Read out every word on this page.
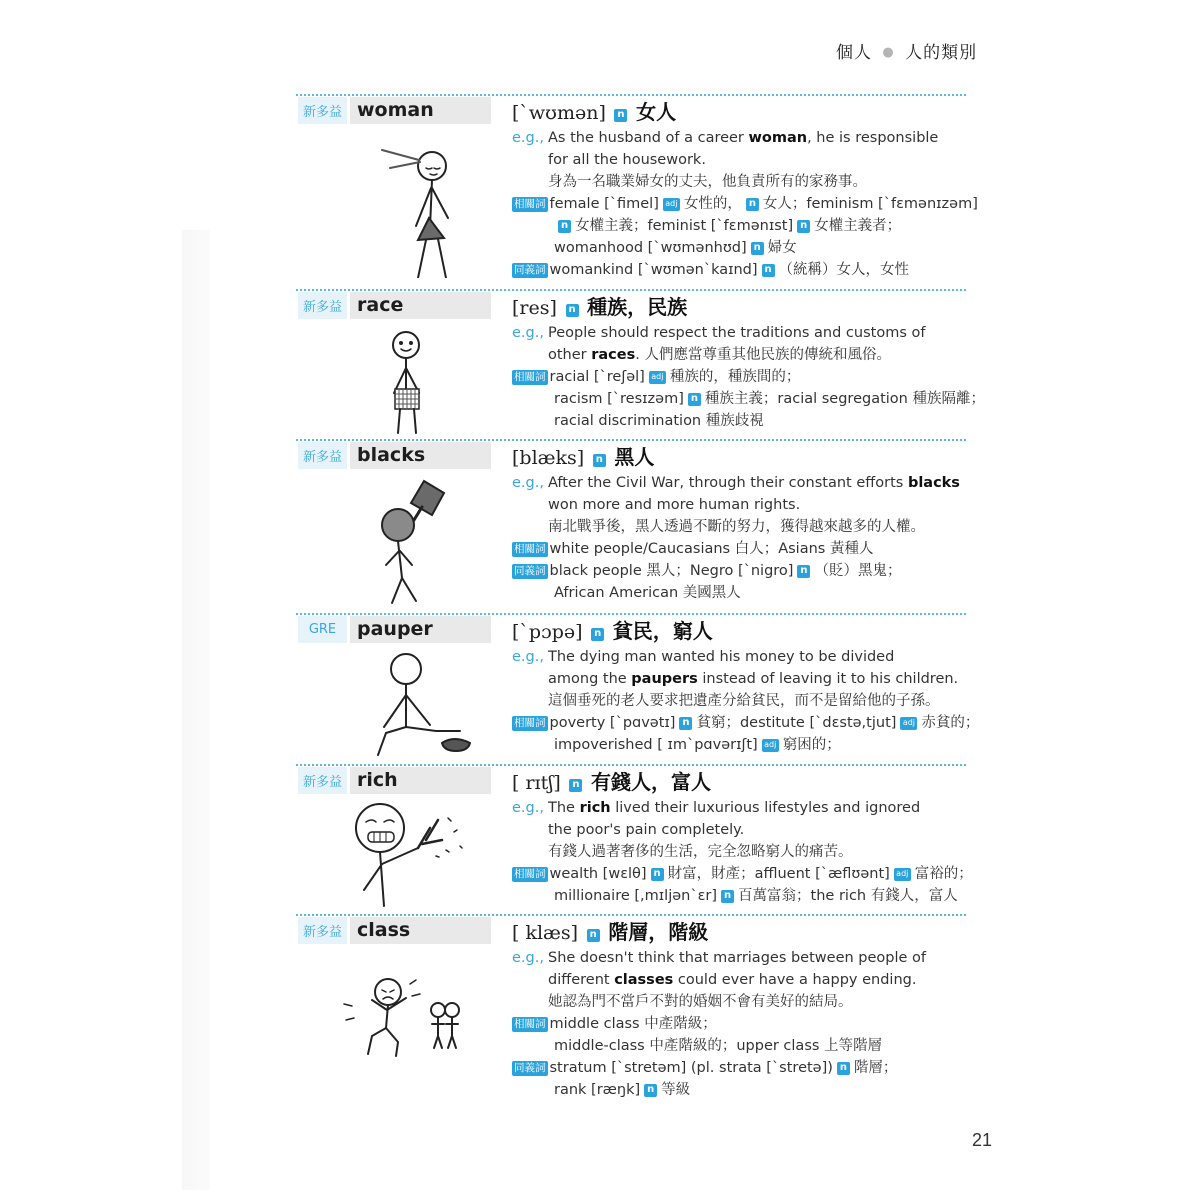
個人 ● 人的類別
新多益 woman	[ˋwʊmən] n 女人
e.g., As the husband of a career woman, he is responsible
for all the housework.
身為一名職業婦女的丈夫，他負責所有的家務事。
相關詞 female [ˋfimel] adj 女性的， n 女人；feminism [ˋfɛmənɪzəm]
n 女權主義；feminist [ˋfɛmənɪst] n 女權主義者；
womanhood [ˋwʊmənhʊd] n 婦女
同義詞 womankind [ˋwʊmənˋkaɪnd] n （統稱）女人，女性
新多益 race	[res] n 種族，民族
e.g., People should respect the traditions and customs of
other races. 人們應當尊重其他民族的傳統和風俗。
相關詞 racial [ˋreʃəl] adj 種族的，種族間的；
racism [ˋresɪzəm] n 種族主義；racial segregation 種族隔離；
racial discrimination 種族歧視
新多益 blacks	[blæks] n 黑人
e.g., After the Civil War, through their constant efforts blacks
won more and more human rights.
南北戰爭後，黑人透過不斷的努力，獲得越來越多的人權。
相關詞 white people/Caucasians 白人；Asians 黃種人
同義詞 black people 黑人；Negro [ˋnigro] n （貶）黑鬼；
African American 美國黑人
GRE	pauper	[ˋpɔpə] n 貧民，窮人
e.g., The dying man wanted his money to be divided
among the paupers instead of leaving it to his children.
這個垂死的老人要求把遺產分給貧民，而不是留給他的子孫。
相關詞 poverty [ˋpɑvətɪ] n 貧窮；destitute [ˋdɛstə,tjut] adj 赤貧的；
impoverished [ ɪmˋpɑvərɪʃt] adj 窮困的；
新多益 rich	[ rɪtʃ] n 有錢人，富人
e.g., The rich lived their luxurious lifestyles and ignored
the poor's pain completely.
有錢人過著奢侈的生活，完全忽略窮人的痛苦。
相關詞 wealth [wɛlθ] n 財富，財產；affluent [ˋæflʊənt] adj 富裕的；
millionaire [,mɪljənˋɛr] n 百萬富翁；the rich 有錢人，富人
新多益 class	[ klæs] n 階層，階級
e.g., She doesn't think that marriages between people of
different classes could ever have a happy ending.
她認為門不當戶不對的婚姻不會有美好的結局。
相關詞 middle class 中產階級；
middle-class 中產階級的；upper class 上等階層
同義詞 stratum [ˋstretəm] (pl. strata [ˋstretə]) n 階層；
rank [ræŋk] n 等級
21
